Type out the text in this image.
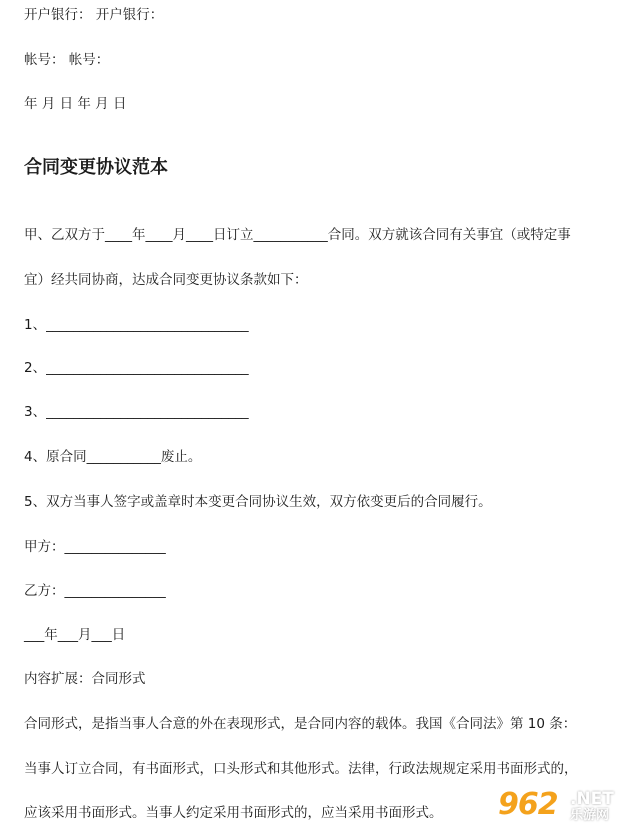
开户银行： 开户银行：
帐号： 帐号：
年 月 日 年 月 日
合同变更协议范本
甲、乙双方于____年____月____日订立___________合同。双方就该合同有关事宜（或特定事
宜）经共同协商，达成合同变更协议条款如下：
1、______________________________
2、______________________________
3、______________________________
4、原合同___________废止。
5、双方当事人签字或盖章时本变更合同协议生效，双方依变更后的合同履行。
甲方：_______________
乙方：_______________
___年___月___日
内容扩展：合同形式
合同形式，是指当事人合意的外在表现形式，是合同内容的载体。我国《合同法》第 10 条：
当事人订立合同，有书面形式，口头形式和其他形式。法律，行政法规规定采用书面形式的，
应该采用书面形式。当事人约定采用书面形式的，应当采用书面形式。 962 .NET
乐游网
